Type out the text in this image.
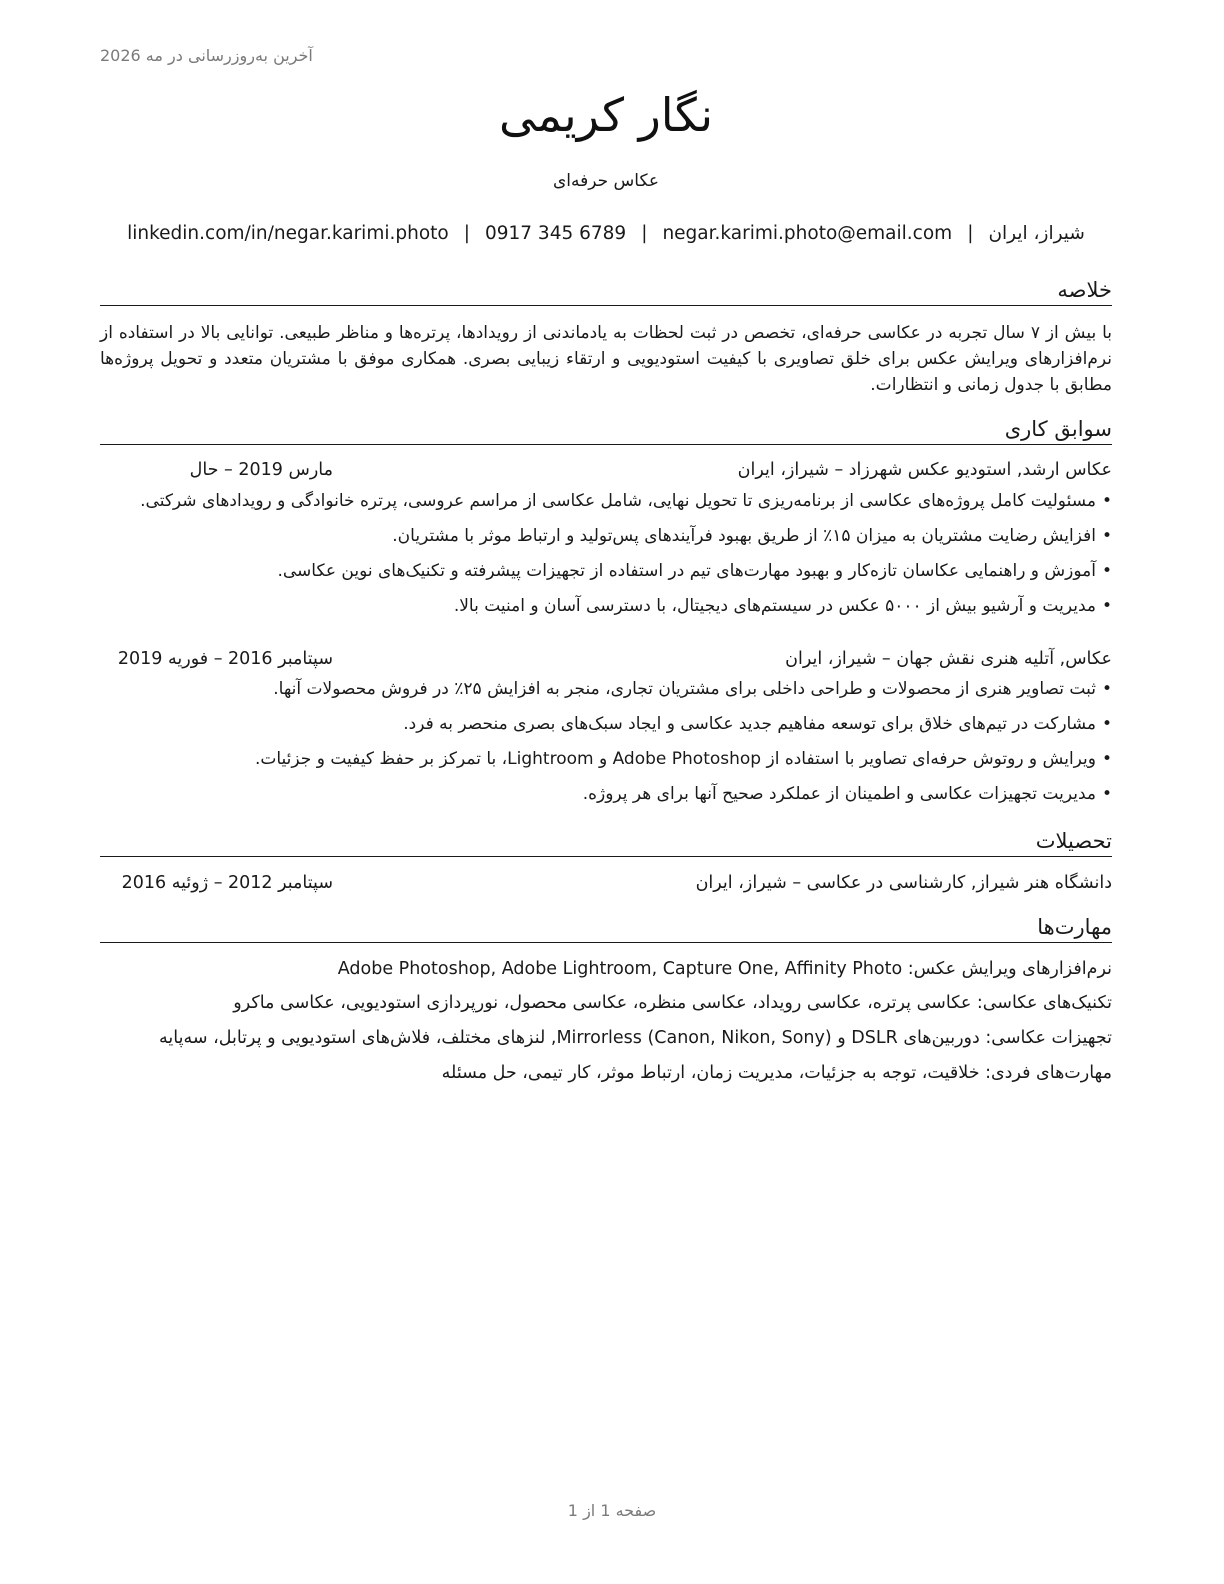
آخرین به‌روزرسانی در مه 2026
نگار کریمی
عکاس حرفه‌ای
شیراز، ایران|negar.karimi.photo@email.com|0917 345 6789|linkedin.com/in/negar.karimi.photo
خلاصه
با بیش از ۷ سال تجربه در عکاسی حرفه‌ای، تخصص در ثبت لحظات به یادماندنی از رویدادها، پرتره‌ها و مناظر طبیعی. توانایی بالا در استفاده از نرم‌افزارهای ویرایش عکس برای خلق تصاویری با کیفیت استودیویی و ارتقاء زیبایی بصری. همکاری موفق با مشتریان متعدد و تحویل پروژه‌ها مطابق با جدول زمانی و انتظارات.
سوابق کاری
عکاس ارشد, استودیو عکس شهرزاد – شیراز، ایران
مارس 2019 – حال
•مسئولیت کامل پروژه‌های عکاسی از برنامه‌ریزی تا تحویل نهایی، شامل عکاسی از مراسم عروسی، پرتره خانوادگی و رویدادهای شرکتی.
•افزایش رضایت مشتریان به میزان ۱۵٪ از طریق بهبود فرآیندهای پس‌تولید و ارتباط موثر با مشتریان.
•آموزش و راهنمایی عکاسان تازه‌کار و بهبود مهارت‌های تیم در استفاده از تجهیزات پیشرفته و تکنیک‌های نوین عکاسی.
•مدیریت و آرشیو بیش از ۵۰۰۰ عکس در سیستم‌های دیجیتال، با دسترسی آسان و امنیت بالا.
عکاس, آتلیه هنری نقش جهان – شیراز، ایران
سپتامبر 2016 – فوریه 2019
•ثبت تصاویر هنری از محصولات و طراحی داخلی برای مشتریان تجاری، منجر به افزایش ۲۵٪ در فروش محصولات آنها.
•مشارکت در تیم‌های خلاق برای توسعه مفاهیم جدید عکاسی و ایجاد سبک‌های بصری منحصر به فرد.
•ویرایش و روتوش حرفه‌ای تصاویر با استفاده از Adobe Photoshop و Lightroom، با تمرکز بر حفظ کیفیت و جزئیات.
•مدیریت تجهیزات عکاسی و اطمینان از عملکرد صحیح آنها برای هر پروژه.
تحصیلات
دانشگاه هنر شیراز, کارشناسی در عکاسی – شیراز، ایران
سپتامبر 2012 – ژوئیه 2016
مهارت‌ها
نرم‌افزارهای ویرایش عکس: Adobe Photoshop, Adobe Lightroom, Capture One, Affinity Photo
تکنیک‌های عکاسی: عکاسی پرتره، عکاسی رویداد، عکاسی منظره، عکاسی محصول، نورپردازی استودیویی، عکاسی ماکرو
تجهیزات عکاسی: دوربین‌های DSLR و Mirrorless (Canon, Nikon, Sony), لنزهای مختلف، فلاش‌های استودیویی و پرتابل، سه‌پایه
مهارت‌های فردی: خلاقیت، توجه به جزئیات، مدیریت زمان، ارتباط موثر، کار تیمی، حل مسئله
صفحه 1 از 1
